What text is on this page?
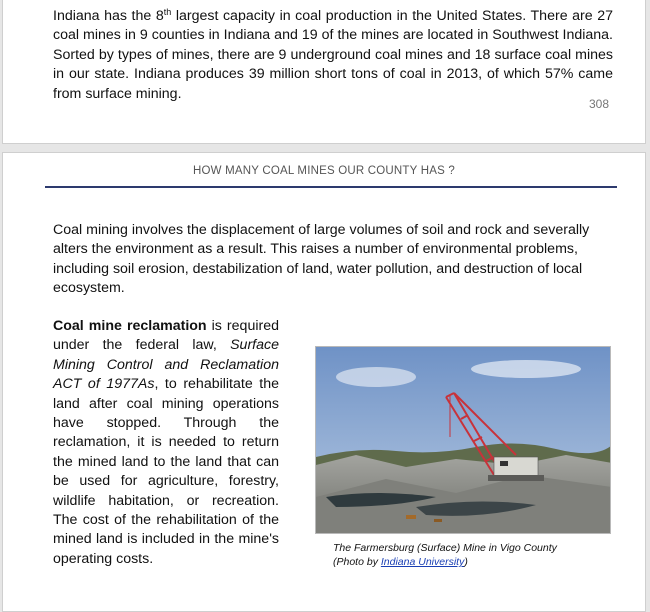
Indiana has the 8th largest capacity in coal production in the United States. There are 27 coal mines in 9 counties in Indiana and 19 of the mines are located in Southwest Indiana. Sorted by types of mines, there are 9 underground coal mines and 18 surface coal mines in our state. Indiana produces 39 million short tons of coal in 2013, of which 57% came from surface mining.

308
HOW MANY COAL MINES OUR COUNTY HAS ?

Coal mining involves the displacement of large volumes of soil and rock and severally alters the environment as a result. This raises a number of environmental problems, including soil erosion, destabilization of land, water pollution, and destruction of local ecosystem.

Coal mine reclamation is required under the federal law, Surface Mining Control and Reclamation ACT of 1977As, to rehabilitate the land after coal mining operations have stopped. Through the reclamation, it is needed to return the mined land to the land that can be used for agriculture, forestry, wildlife habitation, or recreation. The cost of the rehabilitation of the mined land is included in the mine's operating costs.

The Farmersburg (Surface) Mine in Vigo County
(Photo by Indiana University)
